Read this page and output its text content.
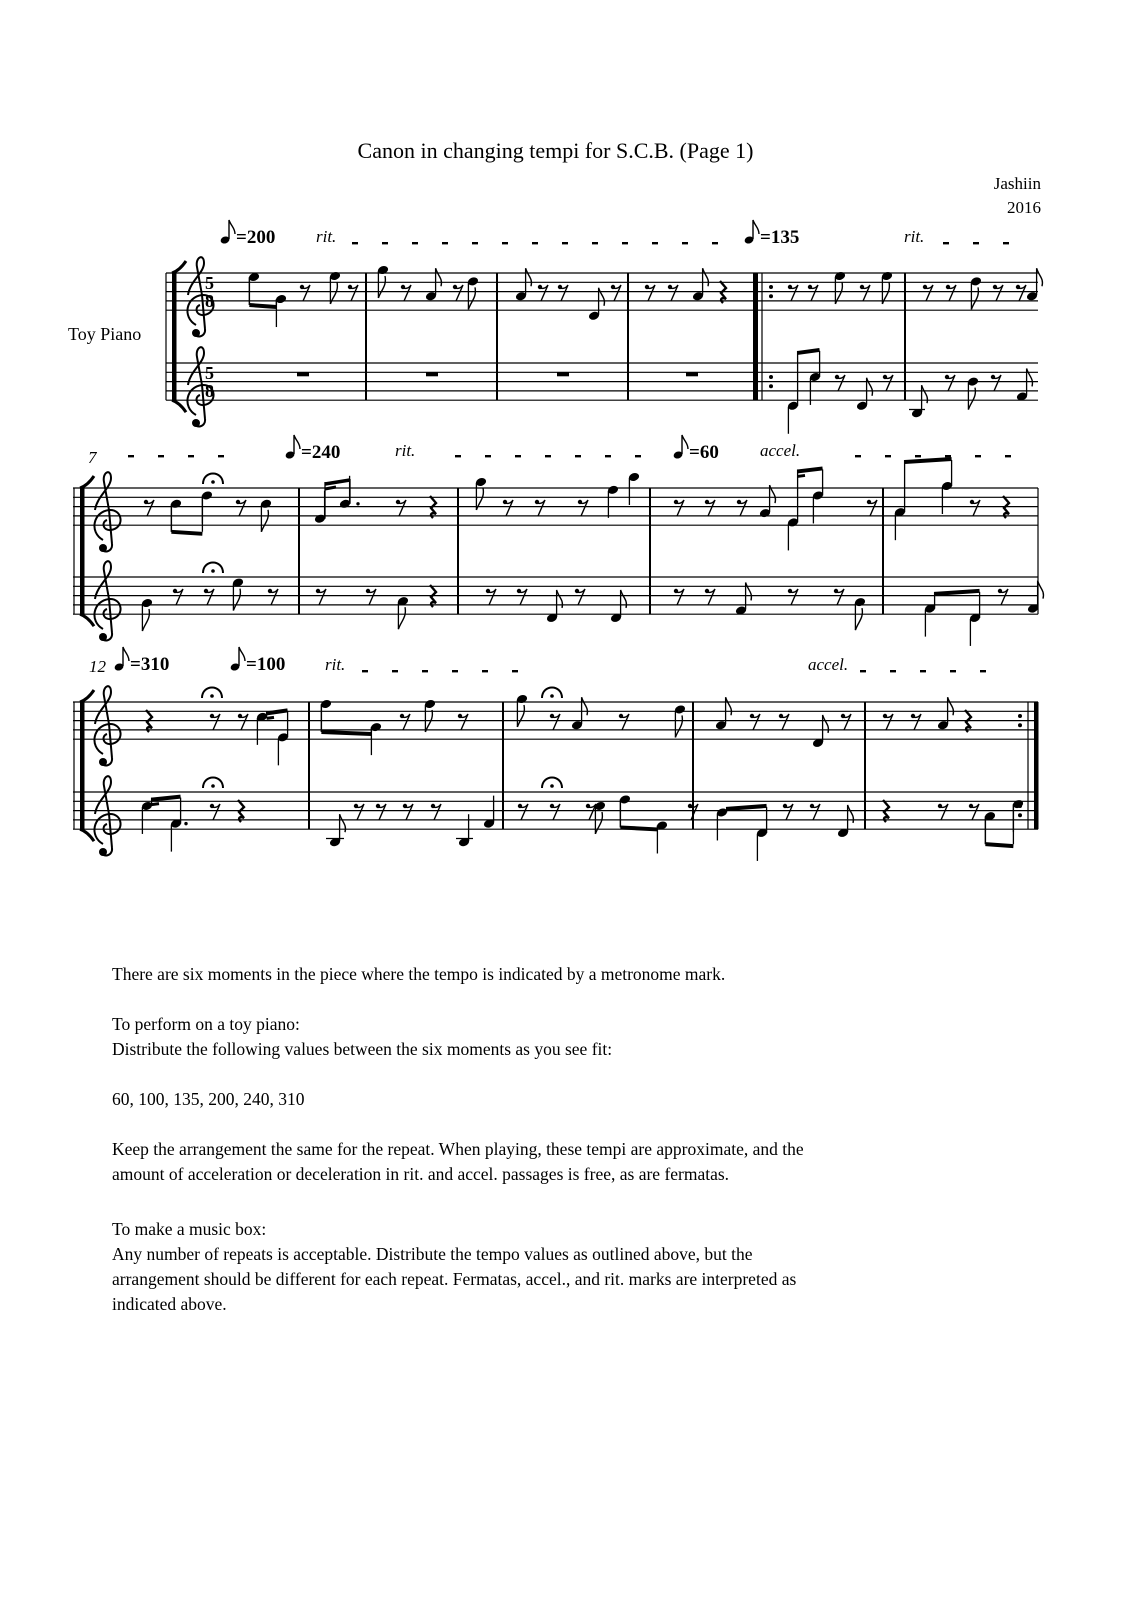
Canon in changing tempi for S.C.B. (Page 1)
Jashiin
2016
Toy Piano
5
8
5
8
7
12
=200	=135
=240	=60
=310	=100
rit.	rit.
rit.	accel.
rit.	accel.
There are six moments in the piece where the tempo is indicated by a metronome mark.
To perform on a toy piano:
Distribute the following values between the six moments as you see fit:
60, 100, 135, 200, 240, 310
Keep the arrangement the same for the repeat. When playing, these tempi are approximate, and the
amount of acceleration or deceleration in rit. and accel. passages is free, as are fermatas.
To make a music box:
Any number of repeats is acceptable. Distribute the tempo values as outlined above, but the
arrangement should be different for each repeat. Fermatas, accel., and rit. marks are interpreted as
indicated above.
